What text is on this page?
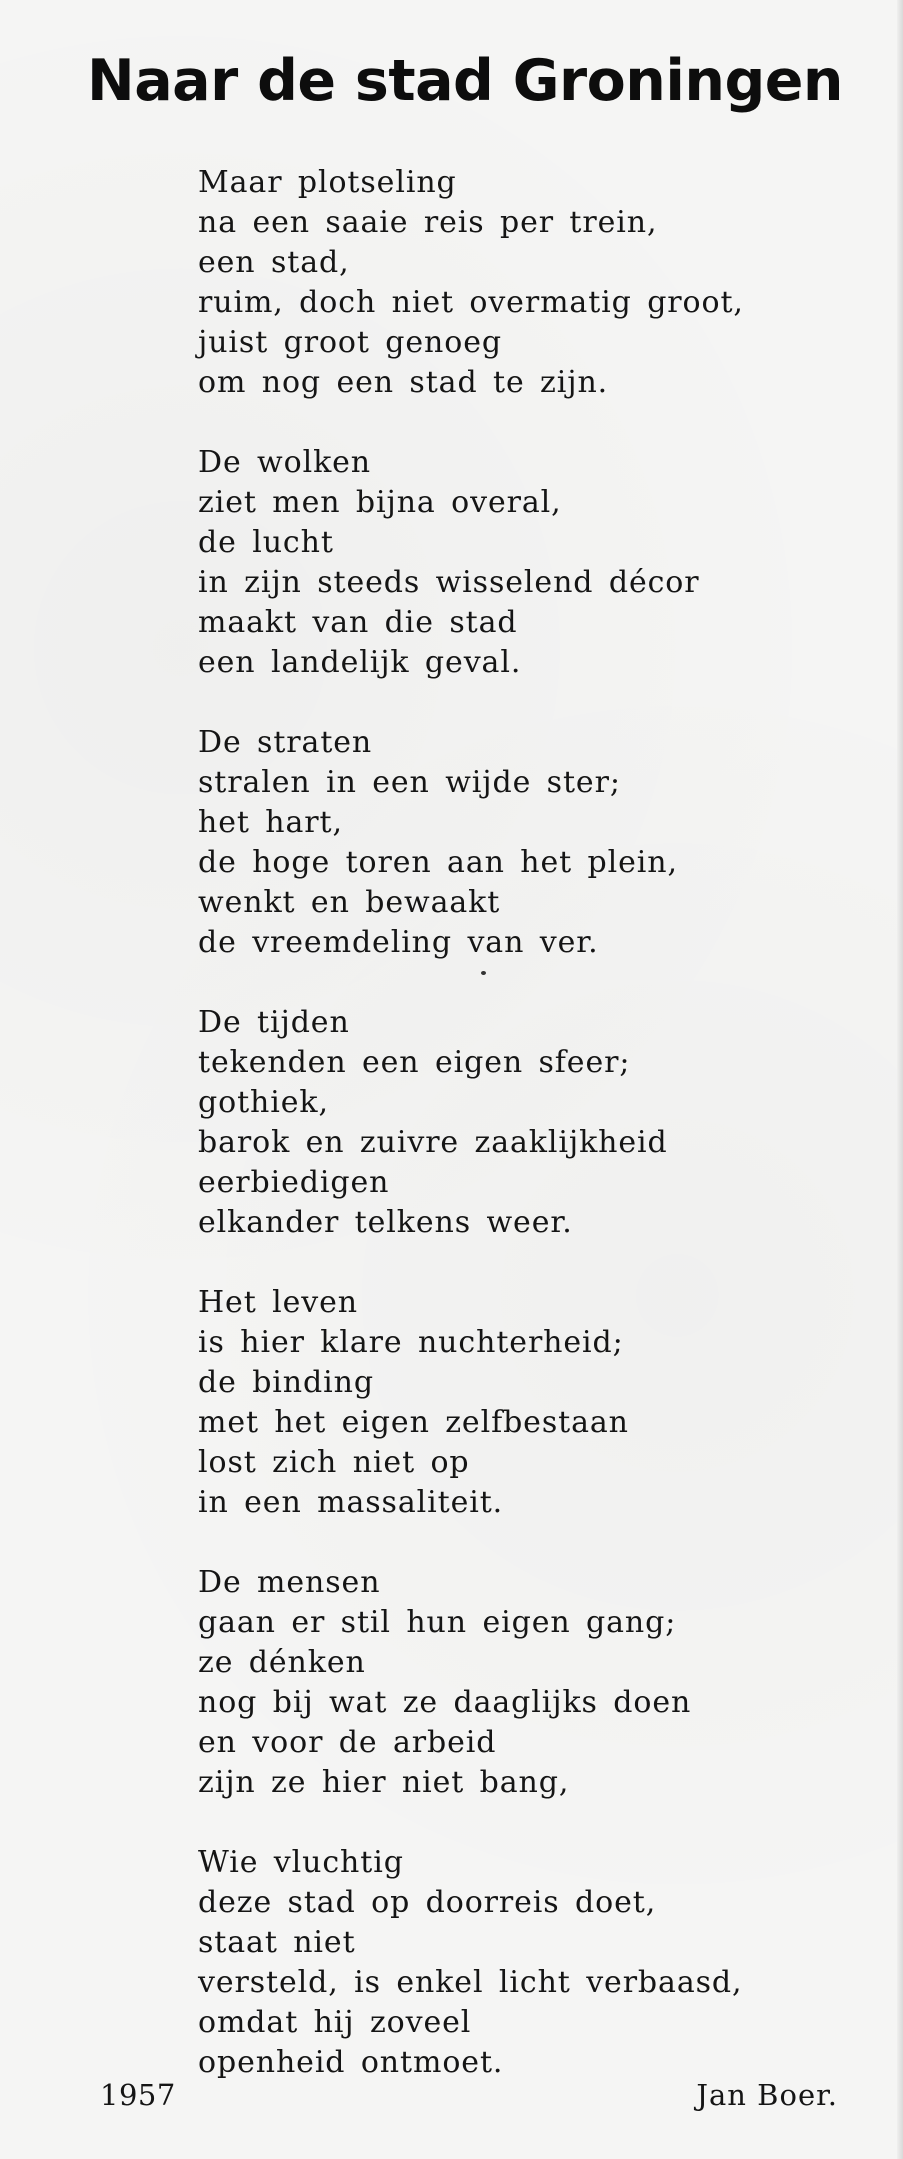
Naar de stad Groningen
Maar plotseling
na een saaie reis per trein,
een stad,
ruim, doch niet overmatig groot,
juist groot genoeg
om nog een stad te zijn.
De wolken
ziet men bijna overal,
de lucht
in zijn steeds wisselend décor
maakt van die stad
een landelijk geval.
De straten
stralen in een wijde ster;
het hart,
de hoge toren aan het plein,
wenkt en bewaakt
de vreemdeling van ver.
De tijden
tekenden een eigen sfeer;
gothiek,
barok en zuivre zaaklijkheid
eerbiedigen
elkander telkens weer.
Het leven
is hier klare nuchterheid;
de binding
met het eigen zelfbestaan
lost zich niet op
in een massaliteit.
De mensen
gaan er stil hun eigen gang;
ze dénken
nog bij wat ze daaglijks doen
en voor de arbeid
zijn ze hier niet bang,
Wie vluchtig
deze stad op doorreis doet,
staat niet
versteld, is enkel licht verbaasd,
omdat hij zoveel
openheid ontmoet.
1957	Jan Boer.
